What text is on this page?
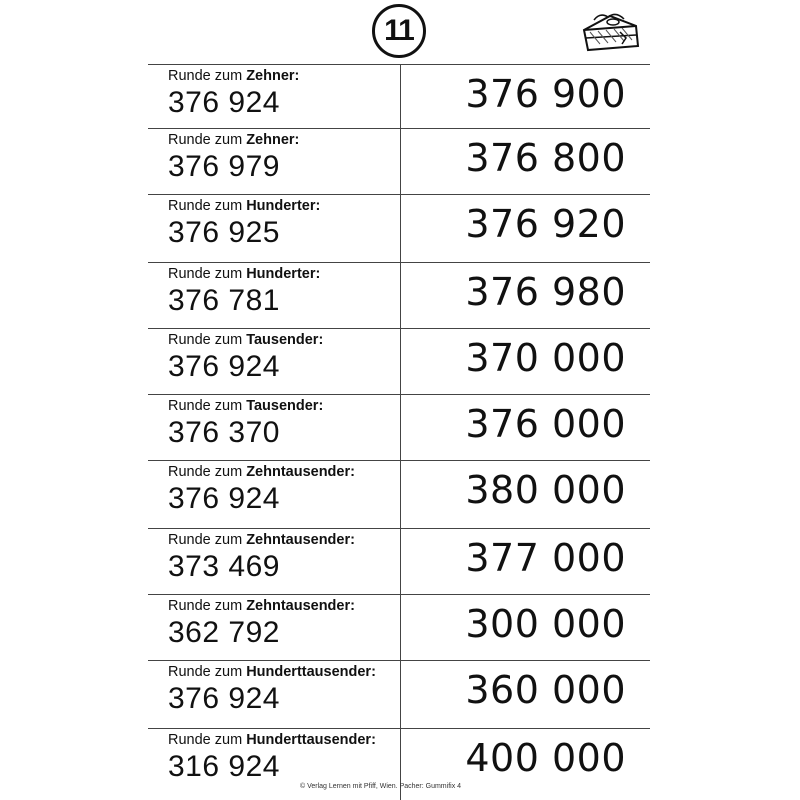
11
Runde zum Zehner:
376 924	376 900
Runde zum Zehner:
376 979	376 800
Runde zum Hunderter:
376 925	376 920
Runde zum Hunderter:
376 781	376 980
Runde zum Tausender:
376 924	370 000
Runde zum Tausender:
376 370	376 000
Runde zum Zehntausender:
376 924	380 000
Runde zum Zehntausender:
373 469	377 000
Runde zum Zehntausender:
362 792	300 000
Runde zum Hunderttausender:
376 924	360 000
Runde zum Hunderttausender:
316 924	400 000
© Verlag Lernen mit Pfiff, Wien. Pacher: Gummifix 4
